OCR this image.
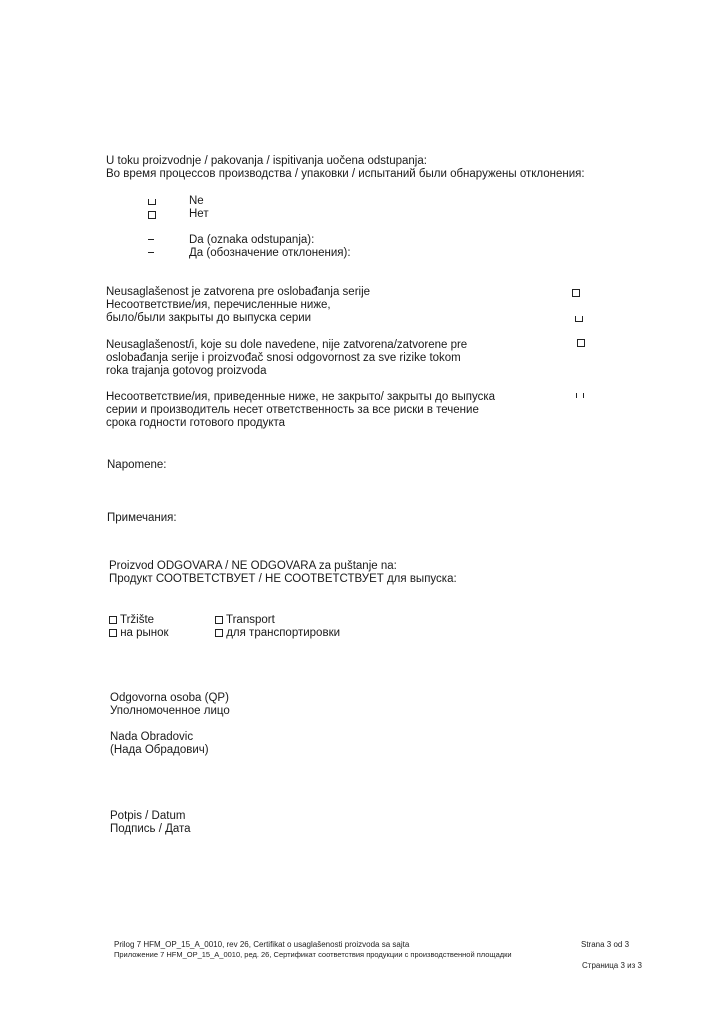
U toku proizvodnje / pakovanja / ispitivanja uočena odstupanja:
Во время процессов производства / упаковки / испытаний были обнаружены отклонения:
Ne
Нет
Da (oznaka odstupanja):
Да (обозначение отклонения):
Neusaglašenost je zatvorena pre oslobađanja serije
Несоответствие/ия, перечисленные ниже,
было/были закрыты до выпуска серии
Neusaglašenost/i, koje su dole navedene, nije zatvorena/zatvorene pre
oslobađanja serije i proizvođač snosi odgovornost za sve rizike tokom
roka trajanja gotovog proizvoda
Несоответствие/ия, приведенные ниже, не закрыто/ закрыты до выпуска
серии и производитель несет ответственность за все риски в течение
срока годности готового продукта
Napomene:
Примечания:
Proizvod ODGOVARA / NE ODGOVARA za puštanje na:
Продукт СООТВЕТСТВУЕТ / НЕ СООТВЕТСТВУЕТ для выпуска:
Tržište
на рынок
Transport
для транспортировки
Odgovorna osoba (QP)
Уполномоченное лицо
Nada Obradovic
(Нада Обрадович)
Potpis / Datum
Подпись / Дата
Prilog 7 HFM_OP_15_A_0010, rev 26, Certifikat o usaglašenosti proizvoda sa sajta	Strana 3 od 3
Приложение 7 HFM_OP_15_A_0010, ред. 26, Сертификат соответствия продукции с производственной площадки
Страница 3 из 3
